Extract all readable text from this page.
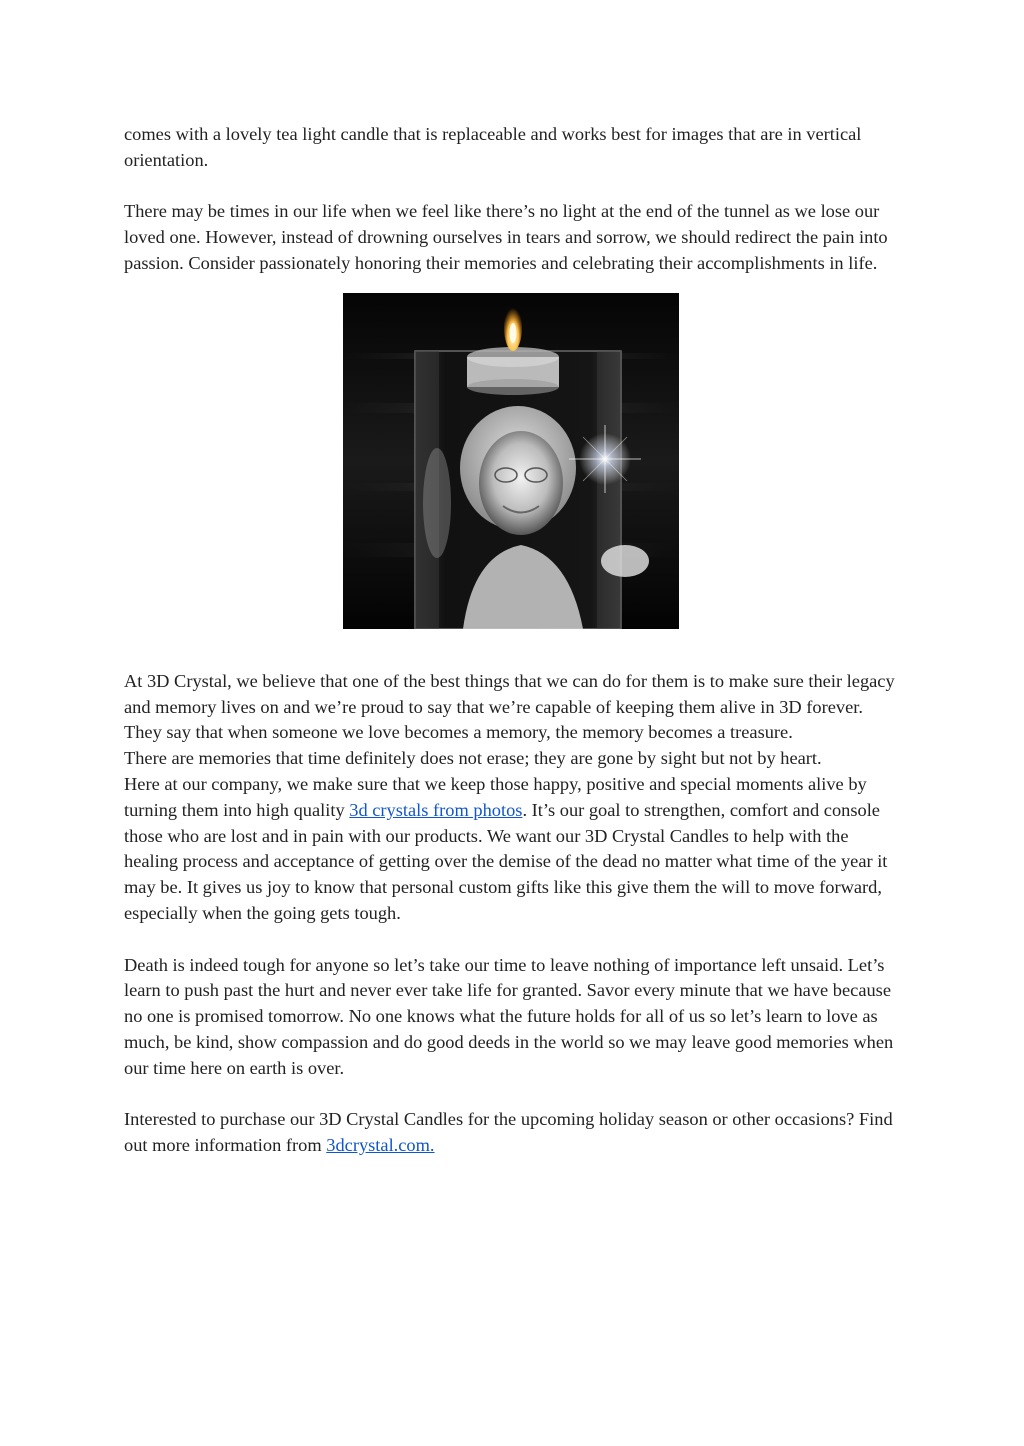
comes with a lovely tea light candle that is replaceable and works best for images that are in vertical orientation.

There may be times in our life when we feel like there’s no light at the end of the tunnel as we lose our loved one. However, instead of drowning ourselves in tears and sorrow, we should redirect the pain into passion. Consider passionately honoring their memories and celebrating their accomplishments in life.

At 3D Crystal, we believe that one of the best things that we can do for them is to make sure their legacy and memory lives on and we’re proud to say that we’re capable of keeping them alive in 3D forever. They say that when someone we love becomes a memory, the memory becomes a treasure.

There are memories that time definitely does not erase; they are gone by sight but not by heart.

Here at our company, we make sure that we keep those happy, positive and special moments alive by turning them into high quality 3d crystals from photos. It’s our goal to strengthen, comfort and console those who are lost and in pain with our products. We want our 3D Crystal Candles to help with the healing process and acceptance of getting over the demise of the dead no matter what time of the year it may be. It gives us joy to know that personal custom gifts like this give them the will to move forward, especially when the going gets tough.

Death is indeed tough for anyone so let’s take our time to leave nothing of importance left unsaid. Let’s learn to push past the hurt and never ever take life for granted. Savor every minute that we have because no one is promised tomorrow. No one knows what the future holds for all of us so let’s learn to love as much, be kind, show compassion and do good deeds in the world so we may leave good memories when our time here on earth is over.

Interested to purchase our 3D Crystal Candles for the upcoming holiday season or other occasions? Find out more information from 3dcrystal.com.
